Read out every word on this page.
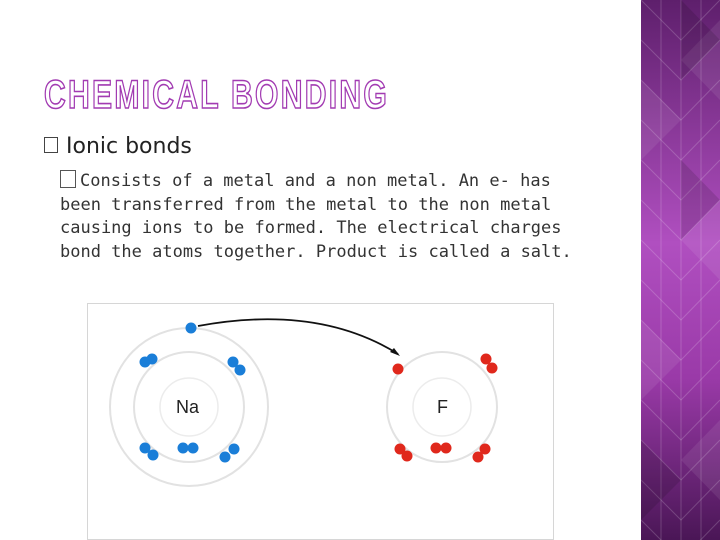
CHEMICAL BONDING
Ionic bonds
Consists of a metal and a non metal. An e- has been transferred from the metal to the non metal causing ions to be formed. The electrical charges bond the atoms together. Product is called a salt.
Na	F
